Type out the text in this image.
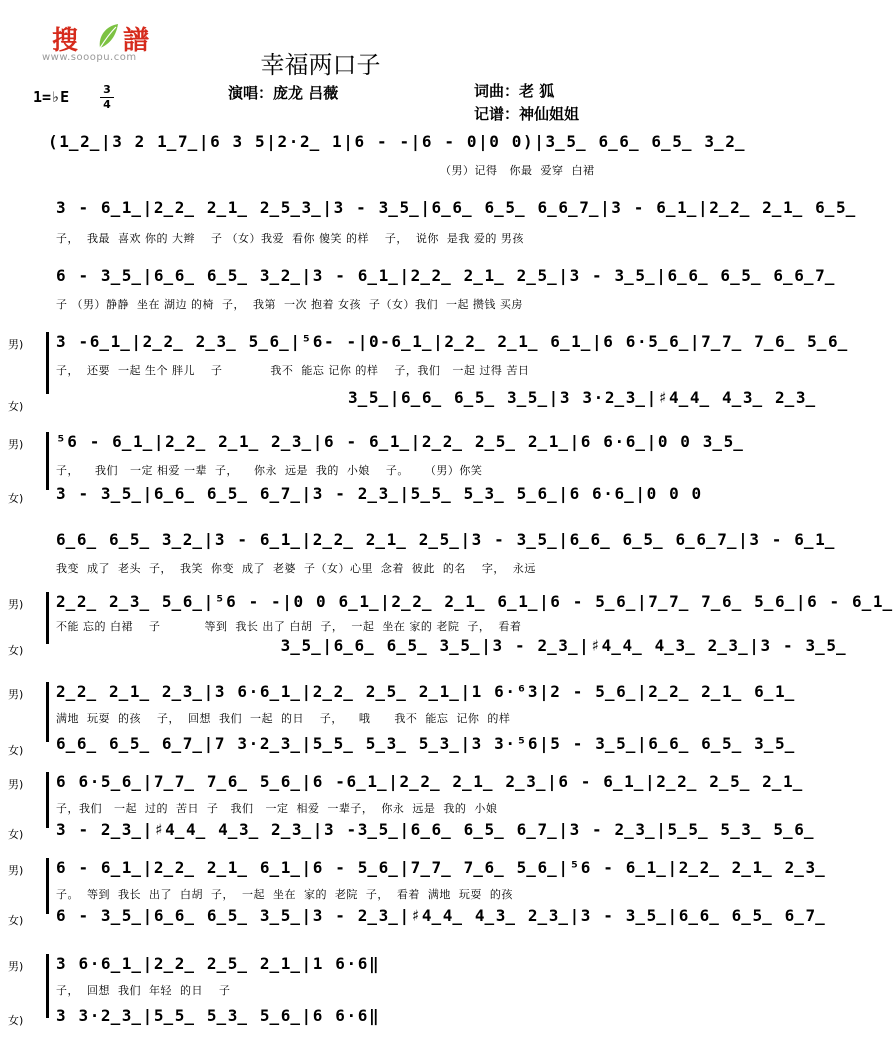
搜 譜
www.sooopu.com	幸福两口子
1=♭E	3
4
演唱：庞龙 吕薇	词曲：老 狐
记谱：神仙姐姐
(1̲2̲|3 2 1̲7̲|6 3 5|2·2̲ 1|6 - -|6 - 0|0 0)|3̲5̲ 6̲6̲ 6̲5̲ 3̲2̲
（男）记得   你最  爱穿  白裙
3 - 6̲1̲|2̲2̲ 2̲1̲ 2̲5̲3̲|3 - 3̲5̲|6̲6̲ 6̲5̲ 6̲6̲7̲|3 - 6̲1̲|2̲2̲ 2̲1̲ 6̲5̲
子，  我最  喜欢 你的 大辫    子 （女）我爱  看你 傻笑 的样    子，  说你  是我 爱的 男孩
6 - 3̲5̲|6̲6̲ 6̲5̲ 3̲2̲|3 - 6̲1̲|2̲2̲ 2̲1̲ 2̲5̲|3 - 3̲5̲|6̲6̲ 6̲5̲ 6̲6̲7̲
子 （男）静静  坐在 湖边 的椅  子，  我第  一次 抱着 女孩  子（女）我们  一起 攒钱 买房
男)
女)
3 -6̲1̲|2̲2̲ 2̲3̲ 5̲6̲|⁵6- -|0-6̲1̲|2̲2̲ 2̲1̲ 6̲1̲|6 6·5̲6̲|7̲7̲ 7̲6̲ 5̲6̲
子，  还要  一起 生个 胖儿    子            我不  能忘 记你 的样    子，我们   一起 过得 苦日
3̲5̲|6̲6̲ 6̲5̲ 3̲5̲|3 3·2̲3̲|♯4̲4̲ 4̲3̲ 2̲3̲
男)
女)
⁵6 - 6̲1̲|2̲2̲ 2̲1̲ 2̲3̲|6 - 6̲1̲|2̲2̲ 2̲5̲ 2̲1̲|6 6·6̲|0 0 3̲5̲
子，    我们   一定 相爱 一辈  子，    你永  远是  我的  小娘    子。    （男）你笑
3 - 3̲5̲|6̲6̲ 6̲5̲ 6̲7̲|3 - 2̲3̲|5̲5̲ 5̲3̲ 5̲6̲|6 6·6̲|0 0 0
6̲6̲ 6̲5̲ 3̲2̲|3 - 6̲1̲|2̲2̲ 2̲1̲ 2̲5̲|3 - 3̲5̲|6̲6̲ 6̲5̲ 6̲6̲7̲|3 - 6̲1̲
我变  成了  老头  子，  我笑  你变  成了  老婆  子（女）心里  念着  彼此  的名    字，  永远
男)
女)
2̲2̲ 2̲3̲ 5̲6̲|⁵6 - -|0 0 6̲1̲|2̲2̲ 2̲1̲ 6̲1̲|6 - 5̲6̲|7̲7̲ 7̲6̲ 5̲6̲|6 - 6̲1̲
不能 忘的 白裙    子           等到  我长 出了 白胡  子，  一起  坐在 家的 老院  子，  看着
3̲5̲|6̲6̲ 6̲5̲ 3̲5̲|3 - 2̲3̲|♯4̲4̲ 4̲3̲ 2̲3̲|3 - 3̲5̲
男)
女)
2̲2̲ 2̲1̲ 2̲3̲|3 6·6̲1̲|2̲2̲ 2̲5̲ 2̲1̲|1 6·⁶3|2 - 5̲6̲|2̲2̲ 2̲1̲ 6̲1̲
满地  玩耍  的孩    子，  回想  我们  一起  的日    子，    哦      我不  能忘  记你  的样
6̲6̲ 6̲5̲ 6̲7̲|7 3·2̲3̲|5̲5̲ 5̲3̲ 5̲3̲|3 3·⁵6|5 - 3̲5̲|6̲6̲ 6̲5̲ 3̲5̲
男)
女)
6 6·5̲6̲|7̲7̲ 7̲6̲ 5̲6̲|6 -6̲1̲|2̲2̲ 2̲1̲ 2̲3̲|6 - 6̲1̲|2̲2̲ 2̲5̲ 2̲1̲
子，我们   一起  过的  苦日  子   我们   一定  相爱  一辈子，  你永  远是  我的  小娘
3 - 2̲3̲|♯4̲4̲ 4̲3̲ 2̲3̲|3 -3̲5̲|6̲6̲ 6̲5̲ 6̲7̲|3 - 2̲3̲|5̲5̲ 5̲3̲ 5̲6̲
男)
女)
6 - 6̲1̲|2̲2̲ 2̲1̲ 6̲1̲|6 - 5̲6̲|7̲7̲ 7̲6̲ 5̲6̲|⁵6 - 6̲1̲|2̲2̲ 2̲1̲ 2̲3̲
子。  等到  我长  出了  白胡  子，  一起  坐在  家的  老院  子，  看着  满地  玩耍  的孩
6 - 3̲5̲|6̲6̲ 6̲5̲ 3̲5̲|3 - 2̲3̲|♯4̲4̲ 4̲3̲ 2̲3̲|3 - 3̲5̲|6̲6̲ 6̲5̲ 6̲7̲
男)
女)
3 6·6̲1̲|2̲2̲ 2̲5̲ 2̲1̲|1 6·6‖
子，  回想  我们  年轻  的日    子
3 3·2̲3̲|5̲5̲ 5̲3̲ 5̲6̲|6 6·6‖
